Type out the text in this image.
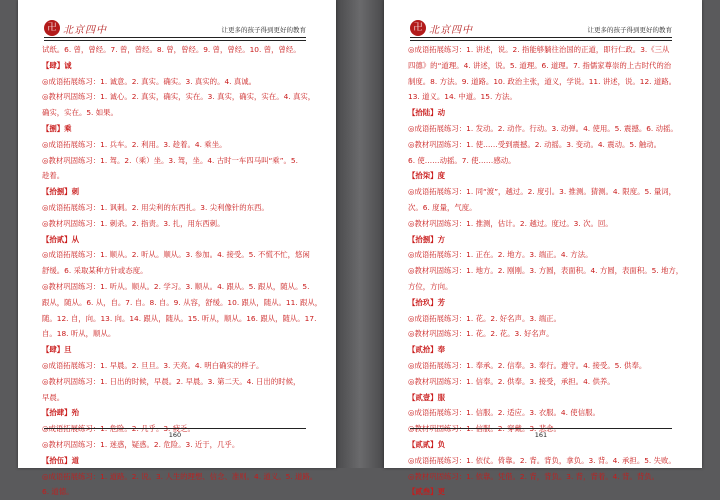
卍 北京四中	让更多的孩子得到更好的教育
试纸。6. 曾，曾经。7. 曾，曾经。8. 曾，曾经。9. 曾，曾经。10. 曾，曾经。
【肆】诚
◎成语拓展练习：1. 诚意。2. 真实。确实。3. 真实的。4. 真诚。
◎教材巩固练习：1. 诚心。2. 真实，确实，实在。3. 真实，确实，实在。4. 真实，
确实，实在。5. 如果。
【捌】乘
◎成语拓展练习：1. 兵车。2. 利用。3. 趁着。4. 乘坐。
◎教材巩固练习：1. 驾。2.（乘）坐。3. 驾，坐。4. 古时一车四马叫“乘”。5.
趁着。
【拾捌】刺
◎成语拓展练习：1. 讽刺。2. 用尖利的东西扎。3. 尖利像针的东西。
◎教材巩固练习：1. 刺杀。2. 指责。3. 扎，用东西刺。
【拾贰】从
◎成语拓展练习：1. 顺从。2. 听从。顺从。3. 参加。4. 接受。5. 不慌不忙，悠闲
舒缓。6. 采取某种方针或态度。
◎教材巩固练习：1. 听从。顺从。2. 学习。3. 顺从。4. 跟从。5. 跟从，随从。5.
跟从，随从。6. 从，自。7. 自。8. 自。9. 从容，舒缓。10. 跟从，随从。11. 跟从，
随。12. 自，向。13. 向。14. 跟从，随从。15. 听从，顺从。16. 跟从，随从。17.
自。18. 听从，顺从。
【肆】旦
◎成语拓展练习：1. 早晨。2. 旦旦。3. 天亮。4. 明白确实的样子。
◎教材巩固练习：1. 日出的时候，早晨。2. 早晨。3. 第二天。4. 日出的时候，
早晨。
【拾肆】殆
◎成语拓展练习：1. 危险。2. 几乎。3. 疲乏。
◎教材巩固练习：1. 迷惑，疑惑。2. 危险。3. 近于，几乎。
【拾伍】道
◎成语拓展练习：1. 道路。2. 说。3. 人生的理想、信念、准则。4. 道义。5. 道路。
6. 道德。
160
卍 北京四中	让更多的孩子得到更好的教育
◎成语拓展练习：1. 讲述，说。2. 指能够躺往治国的正道，即行仁政。3.《三从
四德》的“道理。4. 讲述，说。5. 道理。6. 道理。7. 指儒家尊崇的上古时代的治
制度。8. 方法。9. 道路。10. 政治主张，道义，学说。11. 讲述，说。12. 道路。
13. 道义。14. 中道。15. 方法。
【拾陆】动
◎成语拓展练习：1. 发动。2. 动作。行动。3. 动弹。4. 使用。5. 震撼。6. 动摇。
◎教材巩固练习：1. 使……受到震撼。2. 动摇。3. 变动。4. 震动。5. 触动。
6. 使……动摇。7. 使……感动。
【拾柒】度
◎成语拓展练习：1. 同“渡”，越过。2. 度引。3. 推测。猜测。4. 限度。5. 量词，
次。6. 度量，气度。
◎教材巩固练习：1. 推测，估计。2. 越过。度过。3. 次。回。
【拾捌】方
◎成语拓展练习：1. 正在。2. 地方。3. 端正。4. 方法。
◎教材巩固练习：1. 地方。2. 刚刚。3. 方圆，表面积。4. 方圆，表面积。5. 地方，
方位，方向。
【拾玖】芳
◎成语拓展练习：1. 花。2. 好名声。3. 端正。
◎教材巩固练习：1. 花。2. 花。3. 好名声。
【贰拾】奉
◎成语拓展练习：1. 奉承。2. 信奉。3. 奉行。遵守。4. 接受。5. 供奉。
◎教材巩固练习：1. 信奉。2. 供奉。3. 接受，承担。4. 供养。
【贰壹】服
◎成语拓展练习：1. 信服。2. 适应。3. 衣服。4. 使信服。
◎教材巩固练习：1. 信服。2. 穿戴。3. 悲念。
【贰贰】负
◎成语拓展练习：1. 依仗。倚靠。2. 背。背负，拿负。3. 背。4. 承担。5. 失败。
◎教材巩固练习：1. 依靠。凭借。2. 背，背负。3. 背，背着。4. 背。背负。
【贰叁】更
161
